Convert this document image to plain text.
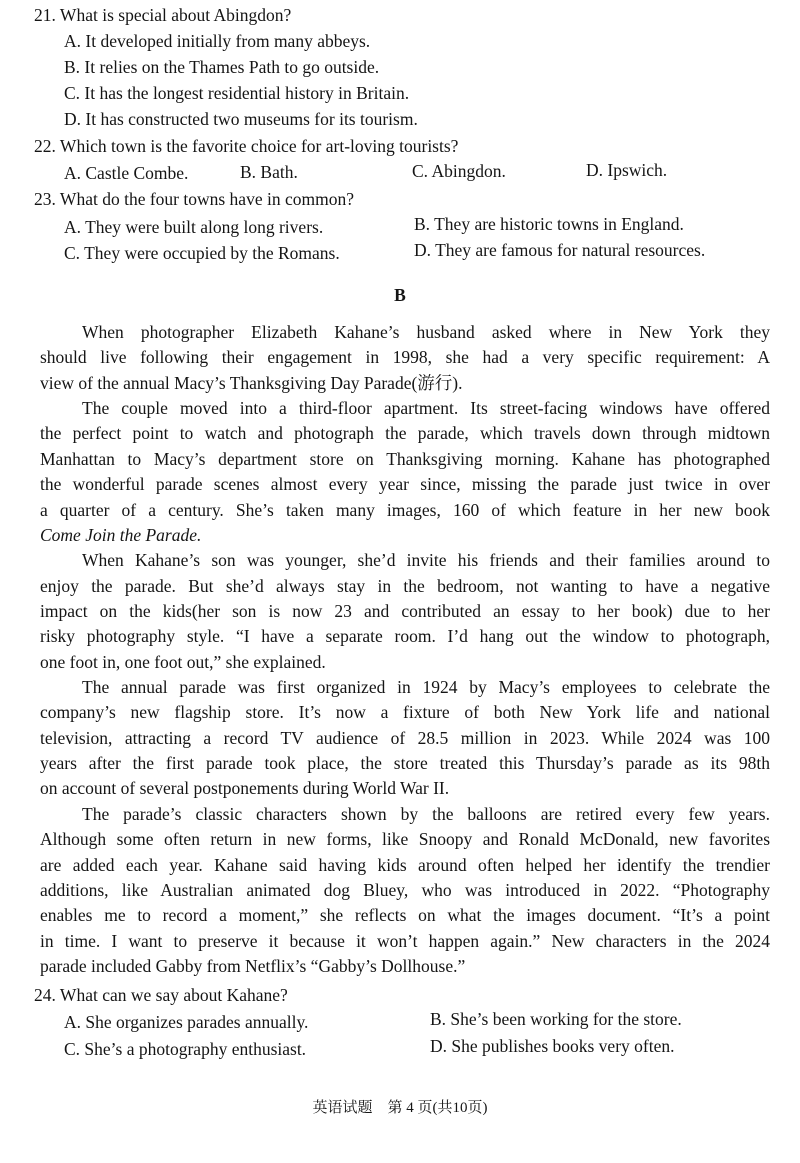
21. What is special about Abingdon?
A. It developed initially from many abbeys.
B. It relies on the Thames Path to go outside.
C. It has the longest residential history in Britain.
D. It has constructed two museums for its tourism.
22. Which town is the favorite choice for art-loving tourists?
A. Castle Combe.	B. Bath.	C. Abingdon.	D. Ipswich.
23. What do the four towns have in common?
A. They were built along long rivers.	B. They are historic towns in England.
C. They were occupied by the Romans.	D. They are famous for natural resources.
B
When photographer Elizabeth Kahane’s husband asked where in New York they
should live following their engagement in 1998, she had a very specific requirement: A
view of the annual Macy’s Thanksgiving Day Parade(游行).
The couple moved into a third-floor apartment. Its street-facing windows have offered
the perfect point to watch and photograph the parade, which travels down through midtown
Manhattan to Macy’s department store on Thanksgiving morning. Kahane has photographed
the wonderful parade scenes almost every year since, missing the parade just twice in over
a quarter of a century. She’s taken many images, 160 of which feature in her new book
Come Join the Parade.
When Kahane’s son was younger, she’d invite his friends and their families around to
enjoy the parade. But she’d always stay in the bedroom, not wanting to have a negative
impact on the kids(her son is now 23 and contributed an essay to her book) due to her
risky photography style. “I have a separate room. I’d hang out the window to photograph,
one foot in, one foot out,” she explained.
The annual parade was first organized in 1924 by Macy’s employees to celebrate the
company’s new flagship store. It’s now a fixture of both New York life and national
television, attracting a record TV audience of 28.5 million in 2023. While 2024 was 100
years after the first parade took place, the store treated this Thursday’s parade as its 98th
on account of several postponements during World War II.
The parade’s classic characters shown by the balloons are retired every few years.
Although some often return in new forms, like Snoopy and Ronald McDonald, new favorites
are added each year. Kahane said having kids around often helped her identify the trendier
additions, like Australian animated dog Bluey, who was introduced in 2022. “Photography
enables me to record a moment,” she reflects on what the images document. “It’s a point
in time. I want to preserve it because it won’t happen again.” New characters in the 2024
parade included Gabby from Netflix’s “Gabby’s Dollhouse.”
24. What can we say about Kahane?
A. She organizes parades annually.	B. She’s been working for the store.
C. She’s a photography enthusiast.	D. She publishes books very often.
英语试题　第 4 页(共10页)
